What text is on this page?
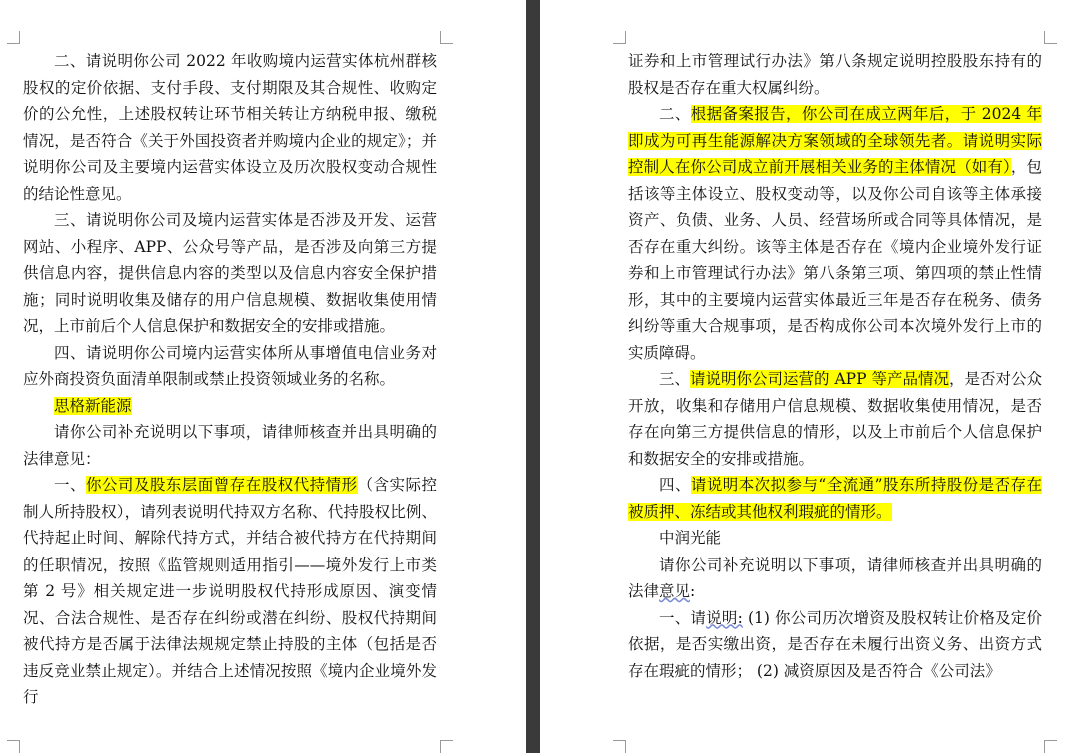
二、请说明你公司 2022 年收购境内运营实体杭州群核股权的定价依据、支付手段、支付期限及其合规性、收购定价的公允性，上述股权转让环节相关转让方纳税申报、缴税情况，是否符合《关于外国投资者并购境内企业的规定》；并说明你公司及主要境内运营实体设立及历次股权变动合规性的结论性意见。

三、请说明你公司及境内运营实体是否涉及开发、运营网站、小程序、APP、公众号等产品，是否涉及向第三方提供信息内容，提供信息内容的类型以及信息内容安全保护措施；同时说明收集及储存的用户信息规模、数据收集使用情况，上市前后个人信息保护和数据安全的安排或措施。

四、请说明你公司境内运营实体所从事增值电信业务对应外商投资负面清单限制或禁止投资领域业务的名称。

思格新能源

请你公司补充说明以下事项，请律师核查并出具明确的法律意见：

一、你公司及股东层面曾存在股权代持情形（含实际控制人所持股权），请列表说明代持双方名称、代持股权比例、代持起止时间、解除代持方式，并结合被代持方在代持期间的任职情况，按照《监管规则适用指引——境外发行上市类第 2 号》相关规定进一步说明股权代持形成原因、演变情况、合法合规性、是否存在纠纷或潜在纠纷、股权代持期间被代持方是否属于法律法规规定禁止持股的主体（包括是否违反竞业禁止规定）。并结合上述情况按照《境内企业境外发行

证券和上市管理试行办法》第八条规定说明控股股东持有的股权是否存在重大权属纠纷。

二、根据备案报告，你公司在成立两年后，于 2024 年即成为可再生能源解决方案领域的全球领先者。请说明实际控制人在你公司成立前开展相关业务的主体情况（如有），包括该等主体设立、股权变动等，以及你公司自该等主体承接资产、负债、业务、人员、经营场所或合同等具体情况，是否存在重大纠纷。该等主体是否存在《境内企业境外发行证券和上市管理试行办法》第八条第三项、第四项的禁止性情形，其中的主要境内运营实体最近三年是否存在税务、债务纠纷等重大合规事项，是否构成你公司本次境外发行上市的实质障碍。

三、请说明你公司运营的 APP 等产品情况，是否对公众开放，收集和存储用户信息规模、数据收集使用情况，是否存在向第三方提供信息的情形，以及上市前后个人信息保护和数据安全的安排或措施。

四、请说明本次拟参与“全流通”股东所持股份是否存在被质押、冻结或其他权利瑕疵的情形。

中润光能

请你公司补充说明以下事项，请律师核查并出具明确的法律意见:

一、请说明: (1) 你公司历次增资及股权转让价格及定价依据，是否实缴出资，是否存在未履行出资义务、出资方式存在瑕疵的情形； (2) 减资原因及是否符合《公司法》
